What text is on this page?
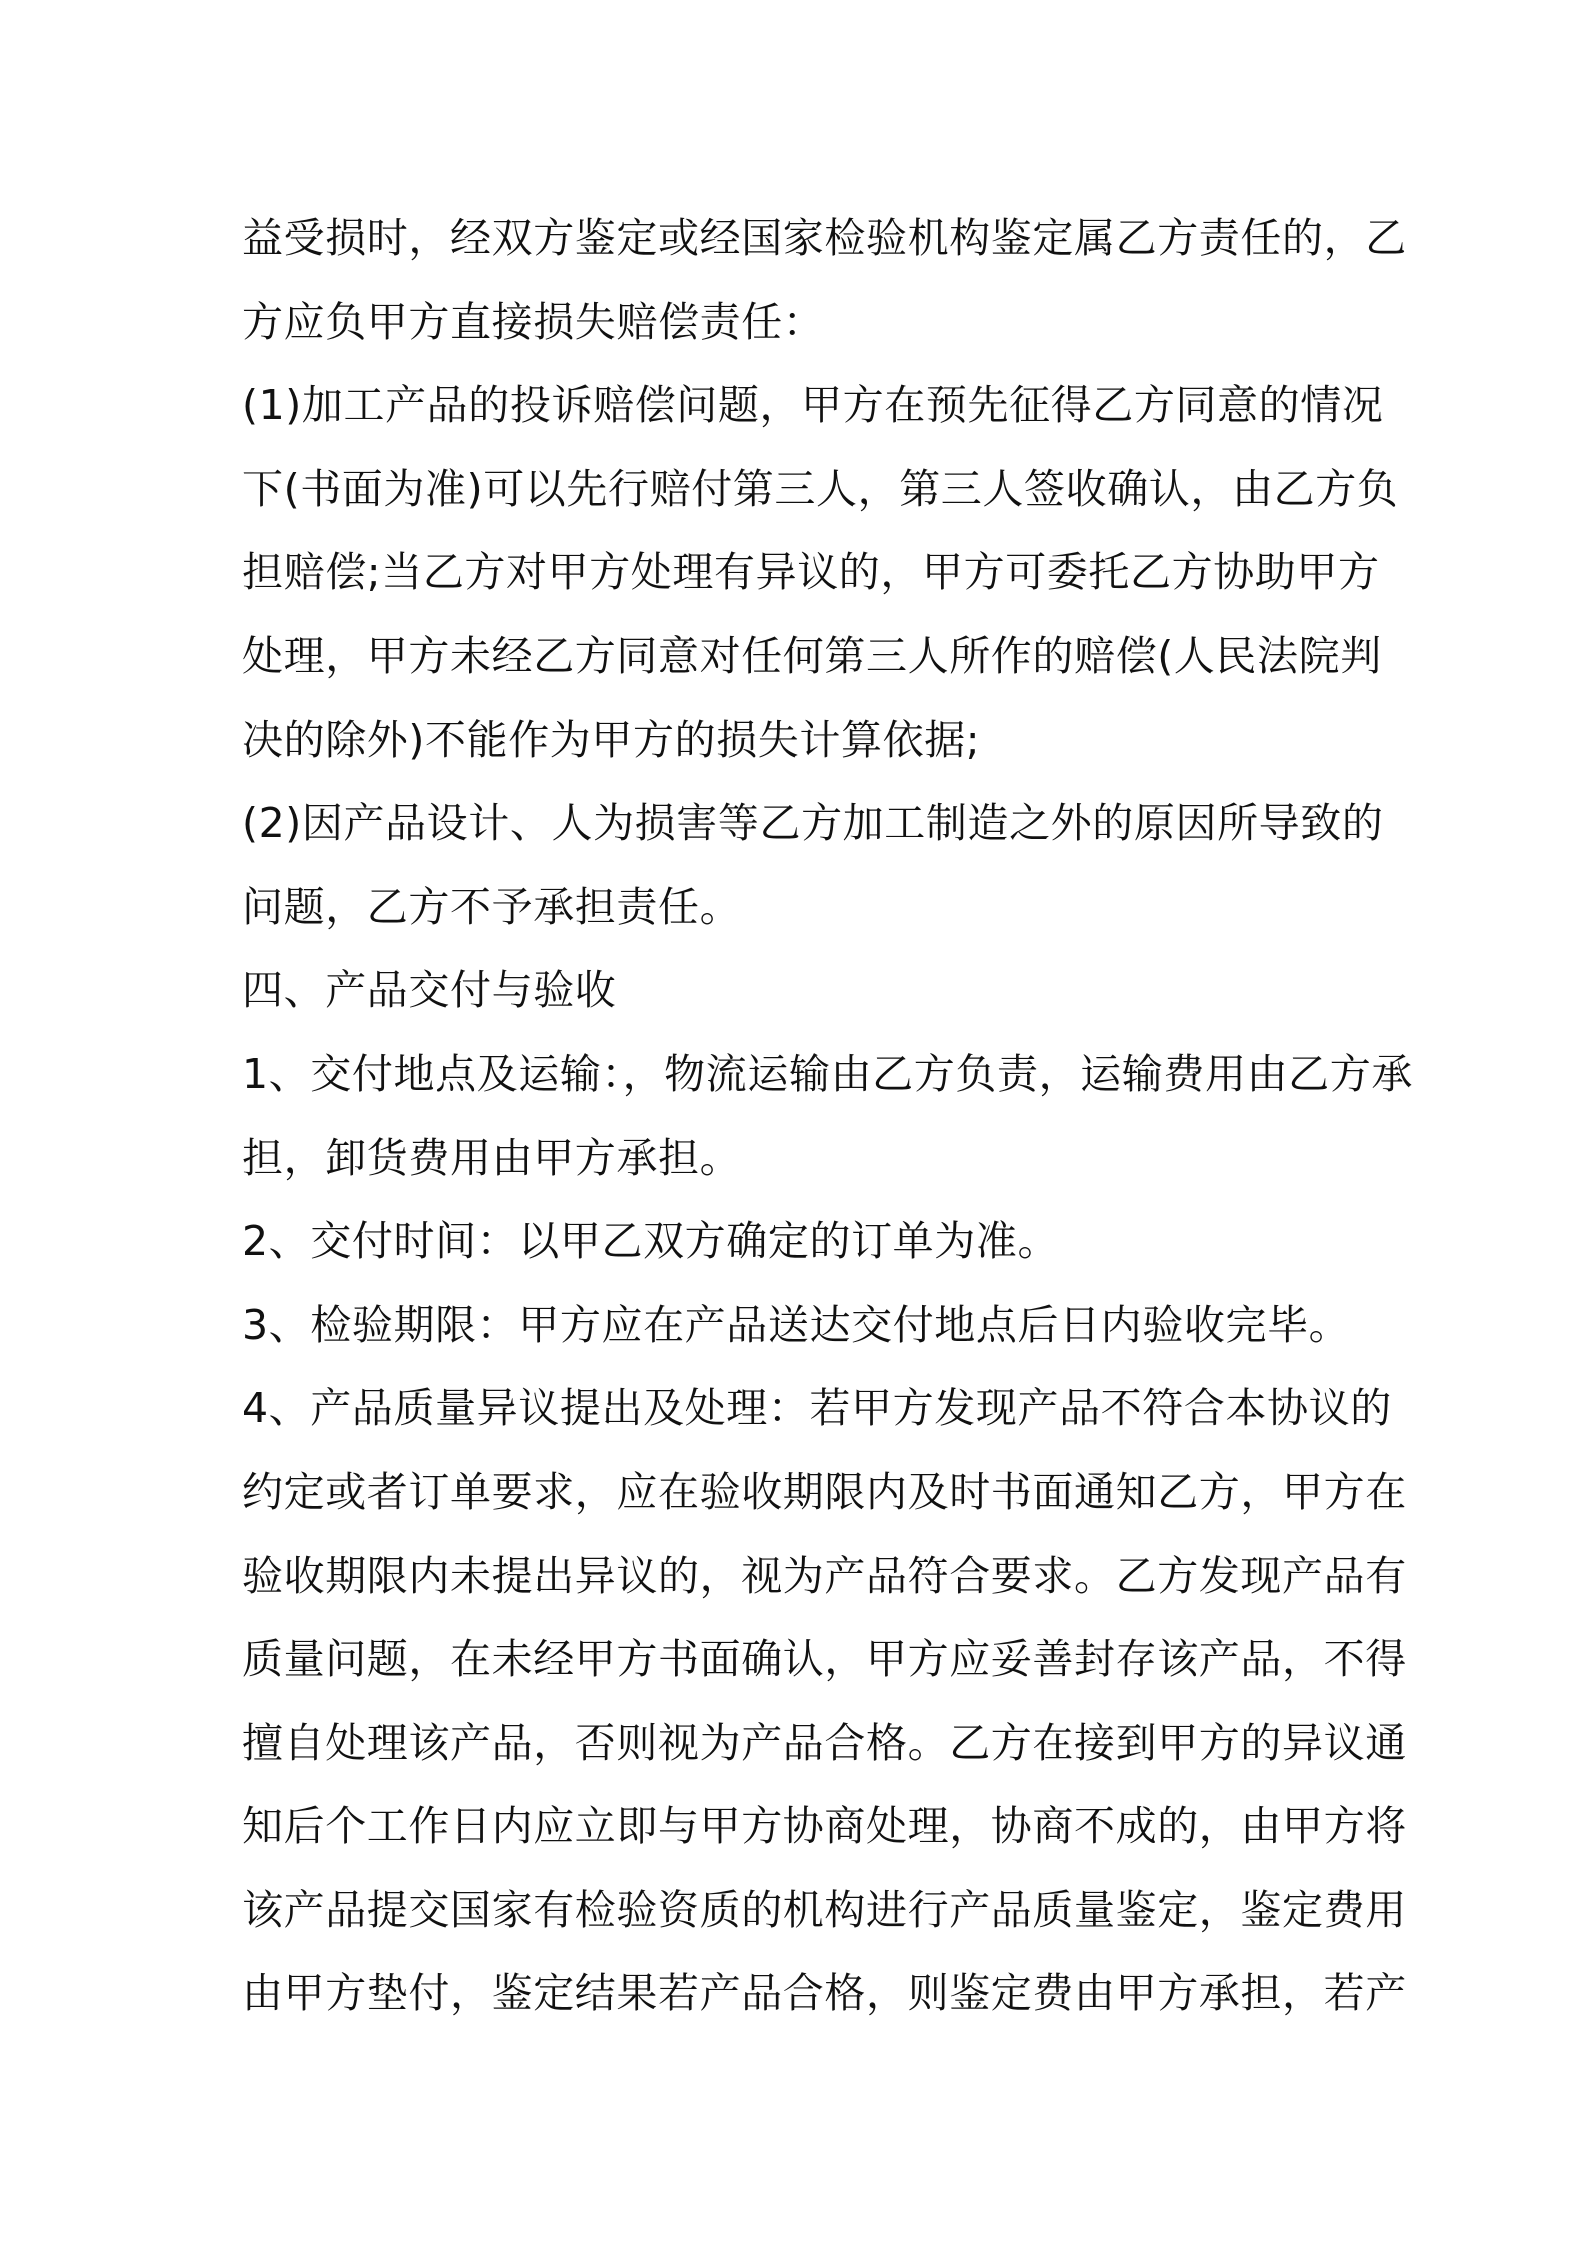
益受损时，经双方鉴定或经国家检验机构鉴定属乙方责任的，乙
方应负甲方直接损失赔偿责任：
(1)加工产品的投诉赔偿问题，甲方在预先征得乙方同意的情况
下(书面为准)可以先行赔付第三人，第三人签收确认，由乙方负
担赔偿;当乙方对甲方处理有异议的，甲方可委托乙方协助甲方
处理，甲方未经乙方同意对任何第三人所作的赔偿(人民法院判
决的除外)不能作为甲方的损失计算依据;
(2)因产品设计、人为损害等乙方加工制造之外的原因所导致的
问题，乙方不予承担责任。
四、产品交付与验收
1、交付地点及运输：，物流运输由乙方负责，运输费用由乙方承
担，卸货费用由甲方承担。
2、交付时间：以甲乙双方确定的订单为准。
3、检验期限：甲方应在产品送达交付地点后日内验收完毕。
4、产品质量异议提出及处理：若甲方发现产品不符合本协议的
约定或者订单要求，应在验收期限内及时书面通知乙方，甲方在
验收期限内未提出异议的，视为产品符合要求。乙方发现产品有
质量问题，在未经甲方书面确认，甲方应妥善封存该产品，不得
擅自处理该产品，否则视为产品合格。乙方在接到甲方的异议通
知后个工作日内应立即与甲方协商处理，协商不成的，由甲方将
该产品提交国家有检验资质的机构进行产品质量鉴定，鉴定费用
由甲方垫付，鉴定结果若产品合格，则鉴定费由甲方承担，若产
